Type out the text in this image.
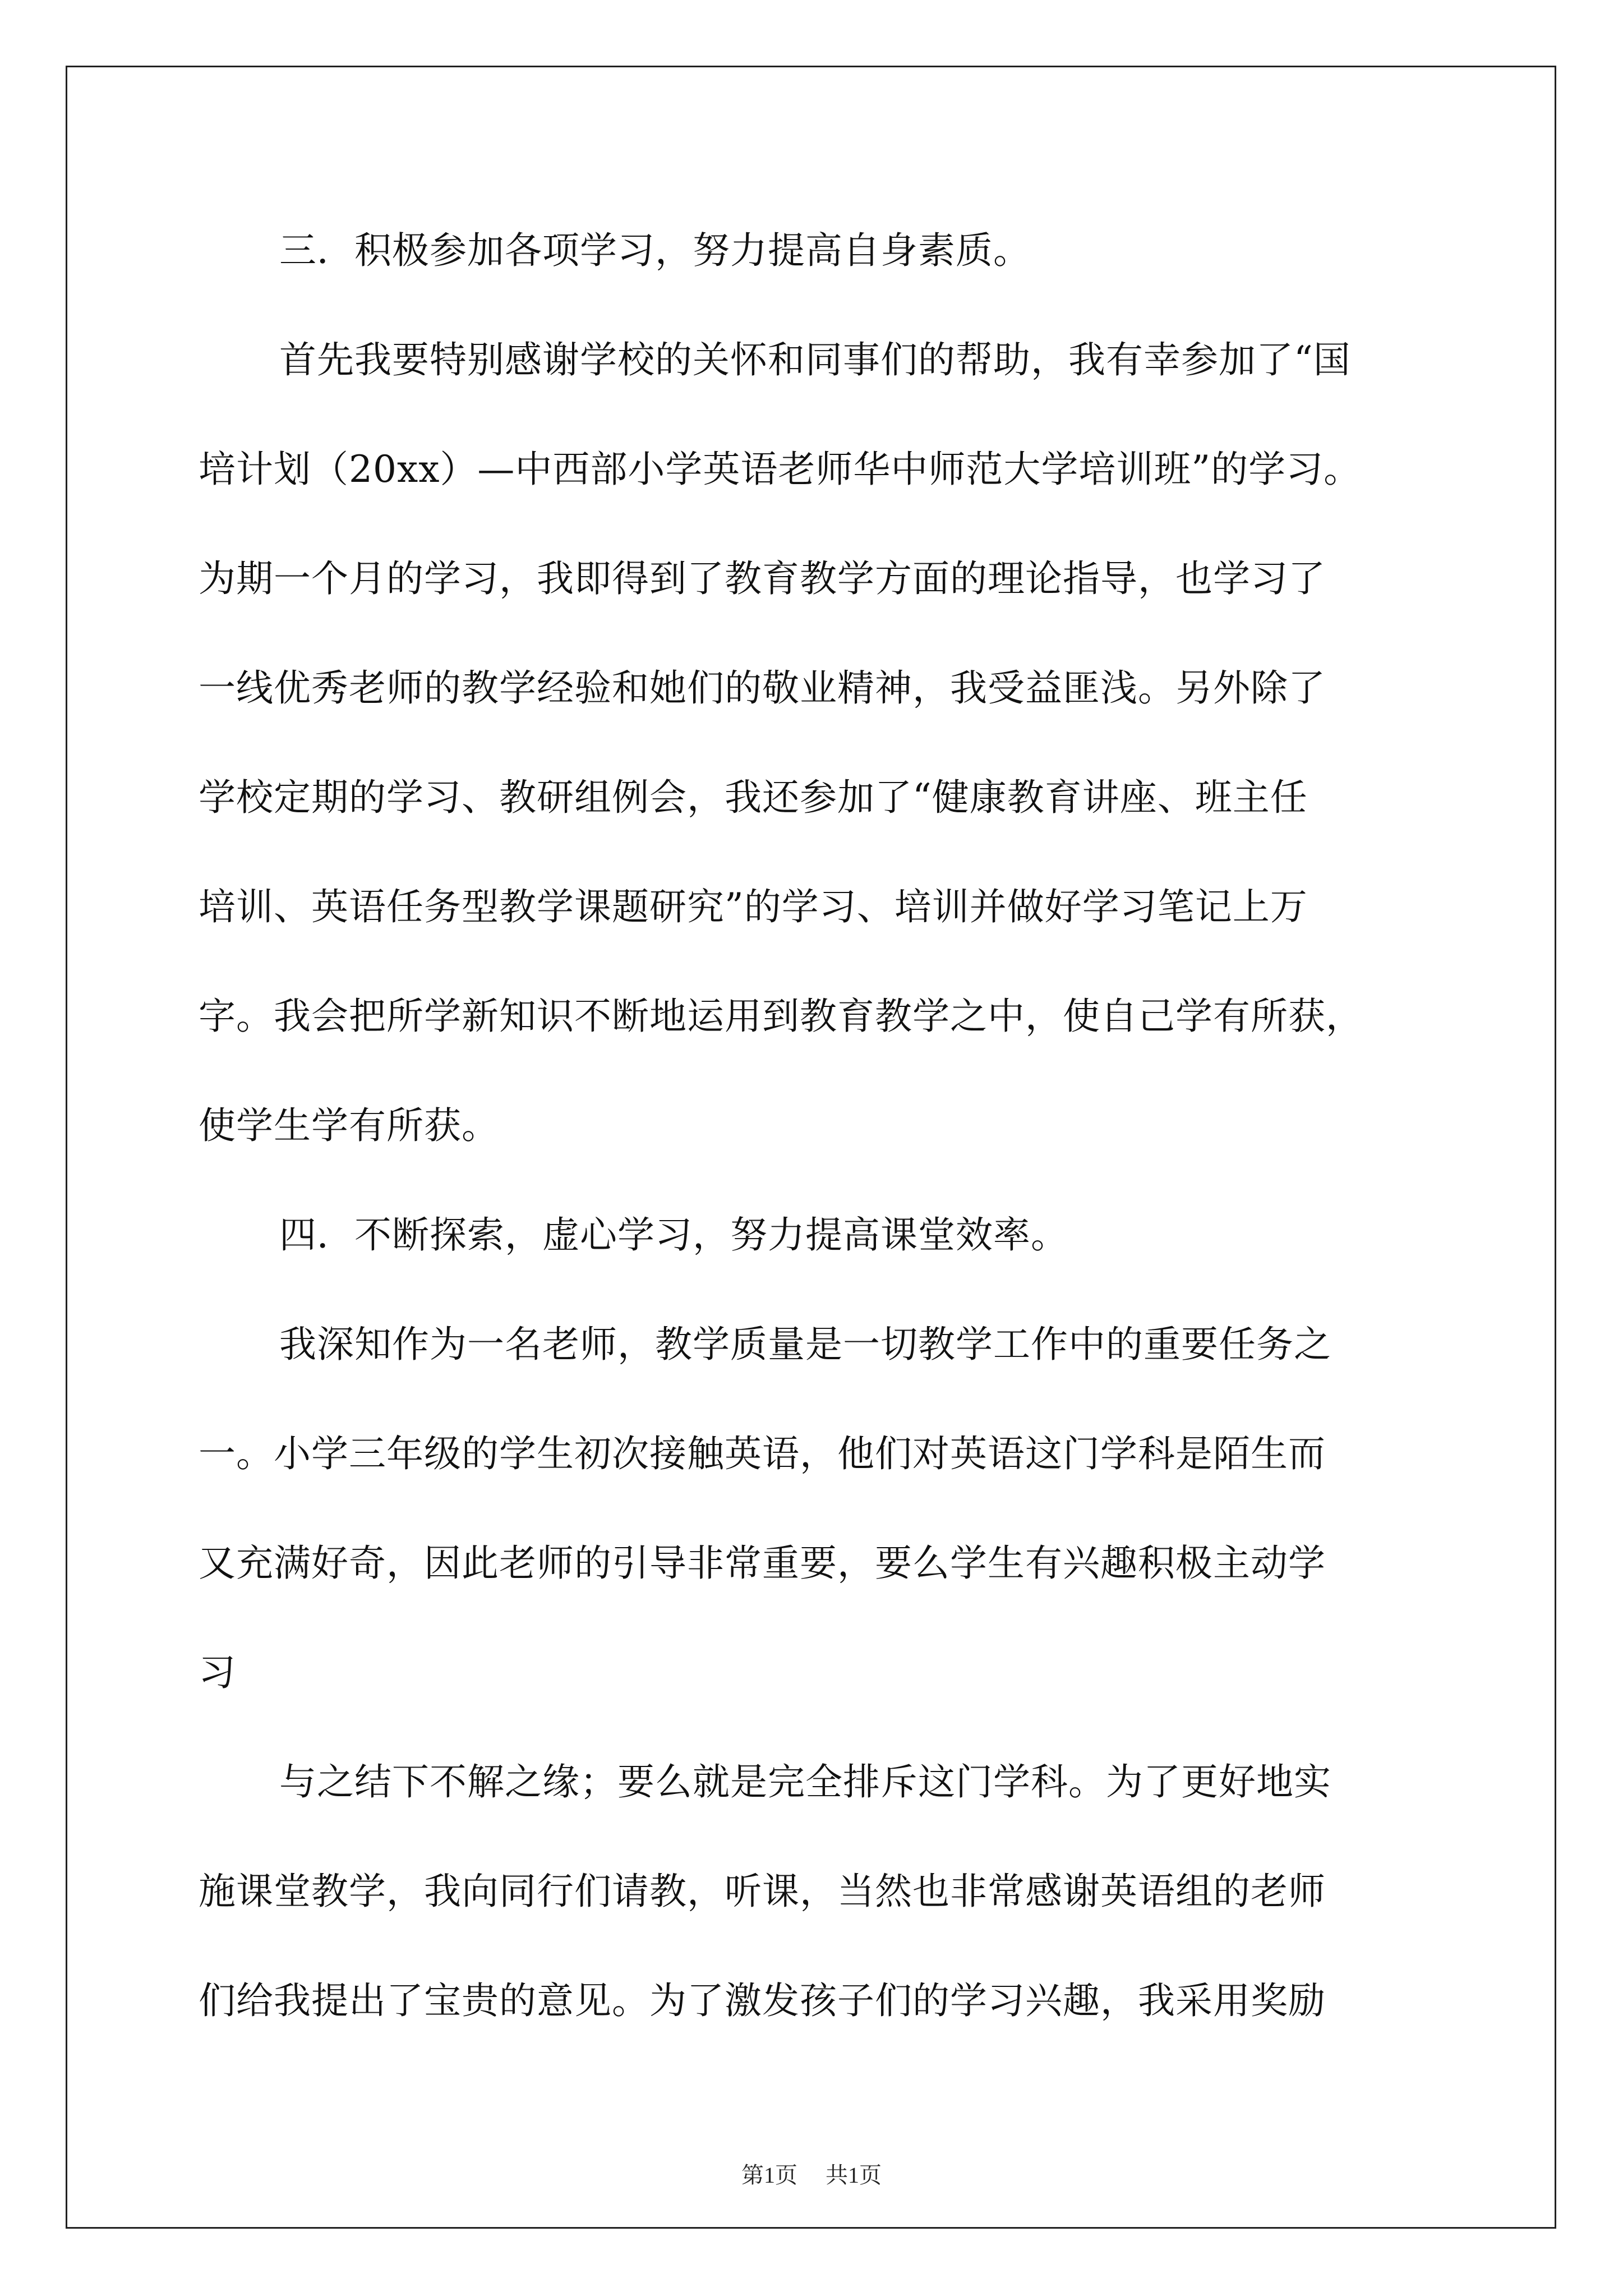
三．积极参加各项学习，努力提高自身素质。
首先我要特别感谢学校的关怀和同事们的帮助，我有幸参加了“国
培计划（20xx）—中西部小学英语老师华中师范大学培训班”的学习。
为期一个月的学习，我即得到了教育教学方面的理论指导，也学习了
一线优秀老师的教学经验和她们的敬业精神，我受益匪浅。另外除了
学校定期的学习、教研组例会，我还参加了“健康教育讲座、班主任
培训、英语任务型教学课题研究”的学习、培训并做好学习笔记上万
字。我会把所学新知识不断地运用到教育教学之中，使自己学有所获，
使学生学有所获。
四．不断探索，虚心学习，努力提高课堂效率。
我深知作为一名老师，教学质量是一切教学工作中的重要任务之
一。小学三年级的学生初次接触英语，他们对英语这门学科是陌生而
又充满好奇，因此老师的引导非常重要，要么学生有兴趣积极主动学
习
与之结下不解之缘；要么就是完全排斥这门学科。为了更好地实
施课堂教学，我向同行们请教，听课，当然也非常感谢英语组的老师
们给我提出了宝贵的意见。为了激发孩子们的学习兴趣，我采用奖励
第1页 共1页
